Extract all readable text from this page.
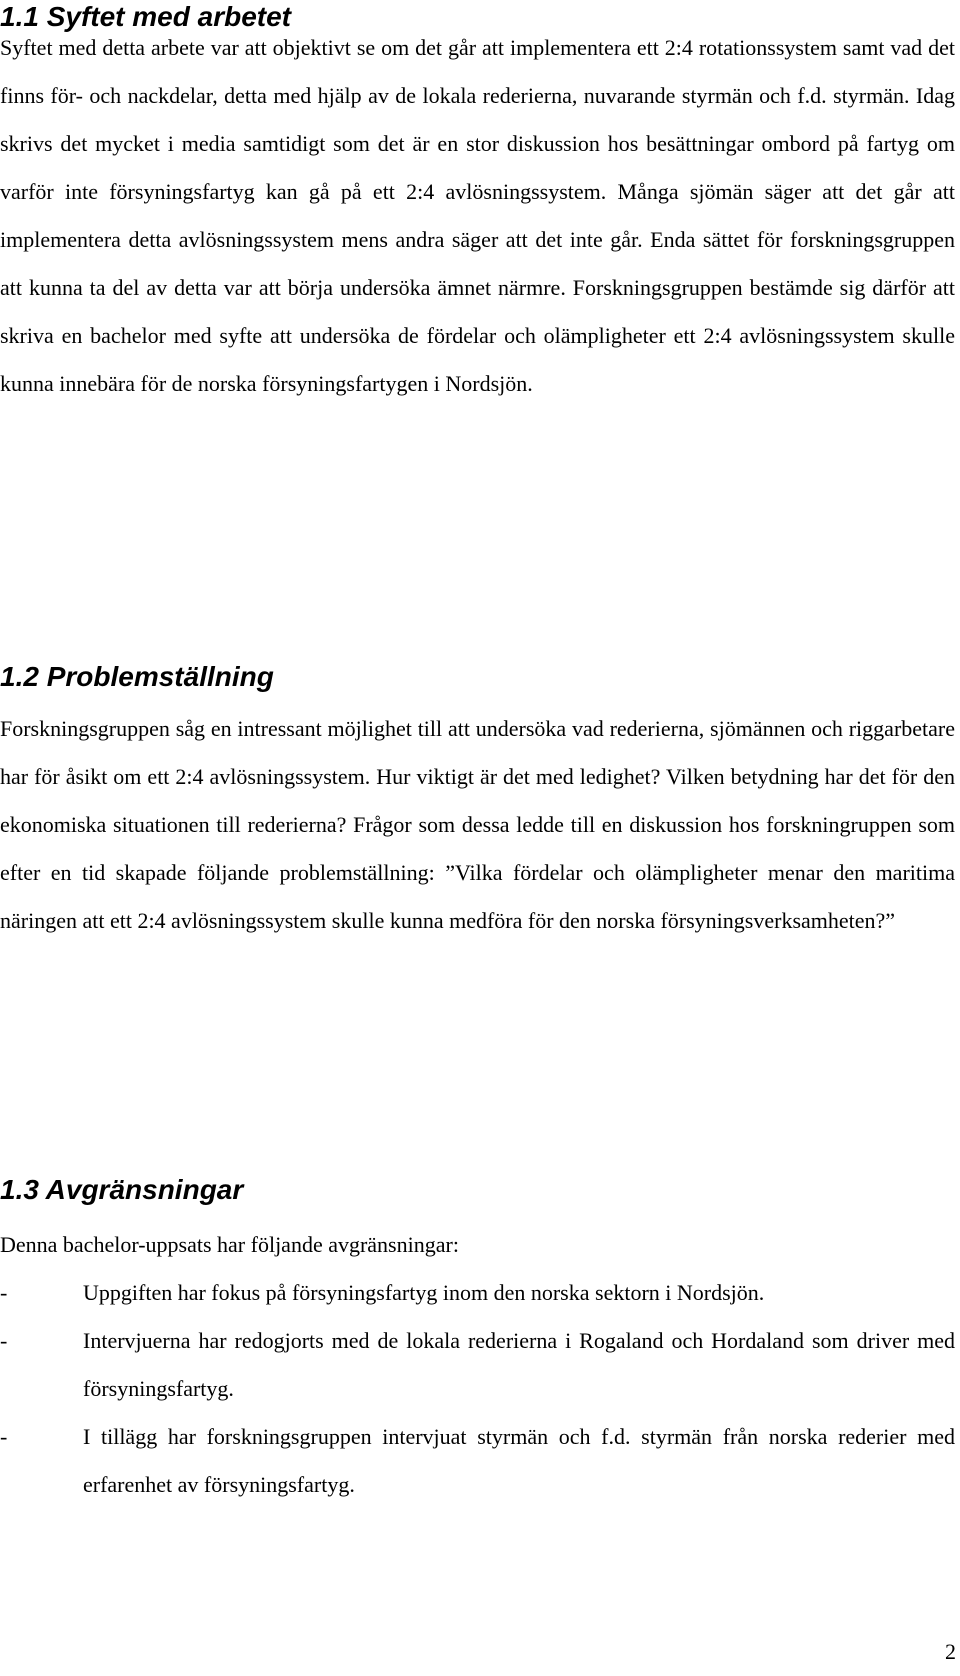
1.1 Syftet med arbetet

Syftet med detta arbete var att objektivt se om det går att implementera ett 2:4 rotationssystem samt vad det finns för- och nackdelar, detta med hjälp av de lokala rederierna, nuvarande styrmän och f.d. styrmän. Idag skrivs det mycket i media samtidigt som det är en stor diskussion hos besättningar ombord på fartyg om varför inte försyningsfartyg kan gå på ett 2:4 avlösningssystem. Många sjömän säger att det går att implementera detta avlösningssystem mens andra säger att det inte går. Enda sättet för forskningsgruppen att kunna ta del av detta var att börja undersöka ämnet närmre. Forskningsgruppen bestämde sig därför att skriva en bachelor med syfte att undersöka de fördelar och olämpligheter ett 2:4 avlösningssystem skulle kunna innebära för de norska försyningsfartygen i Nordsjön.

1.2 Problemställning

Forskningsgruppen såg en intressant möjlighet till att undersöka vad rederierna, sjömännen och riggarbetare har för åsikt om ett 2:4 avlösningssystem. Hur viktigt är det med ledighet? Vilken betydning har det för den ekonomiska situationen till rederierna? Frågor som dessa ledde till en diskussion hos forskningruppen som efter en tid skapade följande problemställning: ”Vilka fördelar och olämpligheter menar den maritima näringen att ett 2:4 avlösningssystem skulle kunna medföra för den norska försyningsverksamheten?”

1.3 Avgränsningar

Denna bachelor-uppsats har följande avgränsningar:

-	Uppgiften har fokus på försyningsfartyg inom den norska sektorn i Nordsjön.
-	Intervjuerna har redogjorts med de lokala rederierna i Rogaland och Hordaland som driver med försyningsfartyg.
-	I tillägg har forskningsgruppen intervjuat styrmän och f.d. styrmän från norska rederier med erfarenhet av försyningsfartyg.
2
